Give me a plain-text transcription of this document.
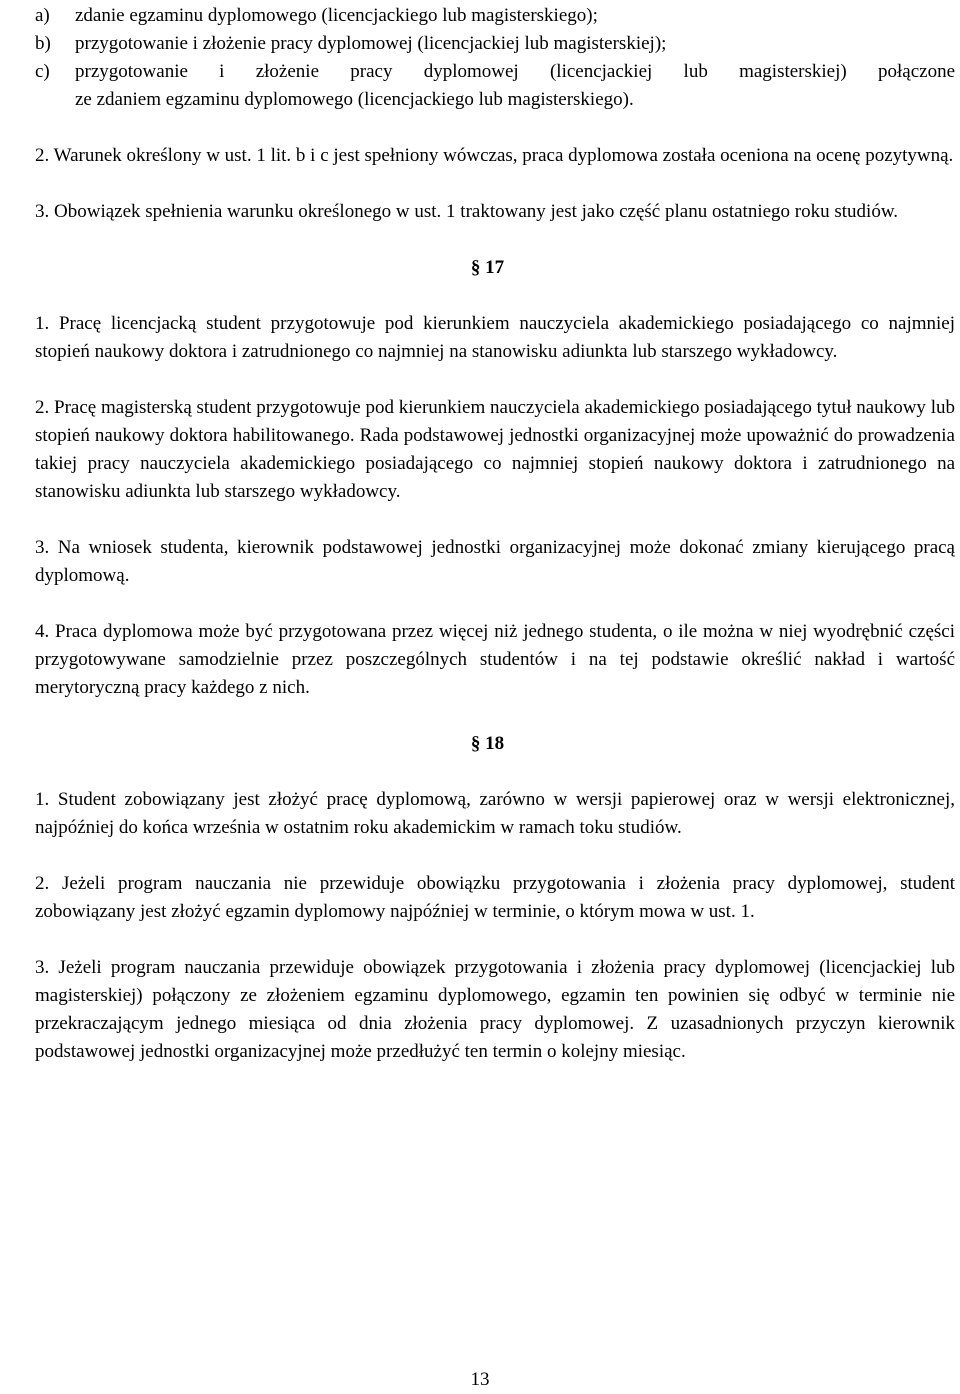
a) zdanie egzaminu dyplomowego (licencjackiego lub magisterskiego);
b) przygotowanie i złożenie pracy dyplomowej (licencjackiej lub magisterskiej);
c) przygotowanie i złożenie pracy dyplomowej (licencjackiej lub magisterskiej) połączone
ze zdaniem egzaminu dyplomowego (licencjackiego lub magisterskiego).

2. Warunek określony w ust. 1 lit. b i c jest spełniony wówczas, praca dyplomowa została oceniona na ocenę pozytywną.

3. Obowiązek spełnienia warunku określonego w ust. 1 traktowany jest jako część planu ostatniego roku studiów.

§ 17

1. Pracę licencjacką student przygotowuje pod kierunkiem nauczyciela akademickiego posiadającego co najmniej stopień naukowy doktora i zatrudnionego co najmniej na stanowisku adiunkta lub starszego wykładowcy.

2. Pracę magisterską student przygotowuje pod kierunkiem nauczyciela akademickiego posiadającego tytuł naukowy lub stopień naukowy doktora habilitowanego. Rada podstawowej jednostki organizacyjnej może upoważnić do prowadzenia takiej pracy nauczyciela akademickiego posiadającego co najmniej stopień naukowy doktora i zatrudnionego na stanowisku adiunkta lub starszego wykładowcy.

3. Na wniosek studenta, kierownik podstawowej jednostki organizacyjnej może dokonać zmiany kierującego pracą dyplomową.

4. Praca dyplomowa może być przygotowana przez więcej niż jednego studenta, o ile można w niej wyodrębnić części przygotowywane samodzielnie przez poszczególnych studentów i na tej podstawie określić nakład i wartość merytoryczną pracy każdego z nich.

§ 18

1. Student zobowiązany jest złożyć pracę dyplomową, zarówno w wersji papierowej oraz w wersji elektronicznej, najpóźniej do końca września w ostatnim roku akademickim w ramach toku studiów.

2. Jeżeli program nauczania nie przewiduje obowiązku przygotowania i złożenia pracy dyplomowej, student zobowiązany jest złożyć egzamin dyplomowy najpóźniej w terminie, o którym mowa w ust. 1.

3. Jeżeli program nauczania przewiduje obowiązek przygotowania i złożenia pracy dyplomowej (licencjackiej lub magisterskiej) połączony ze złożeniem egzaminu dyplomowego, egzamin ten powinien się odbyć w terminie nie przekraczającym jednego miesiąca od dnia złożenia pracy dyplomowej. Z uzasadnionych przyczyn kierownik podstawowej jednostki organizacyjnej może przedłużyć ten termin o kolejny miesiąc.

13
